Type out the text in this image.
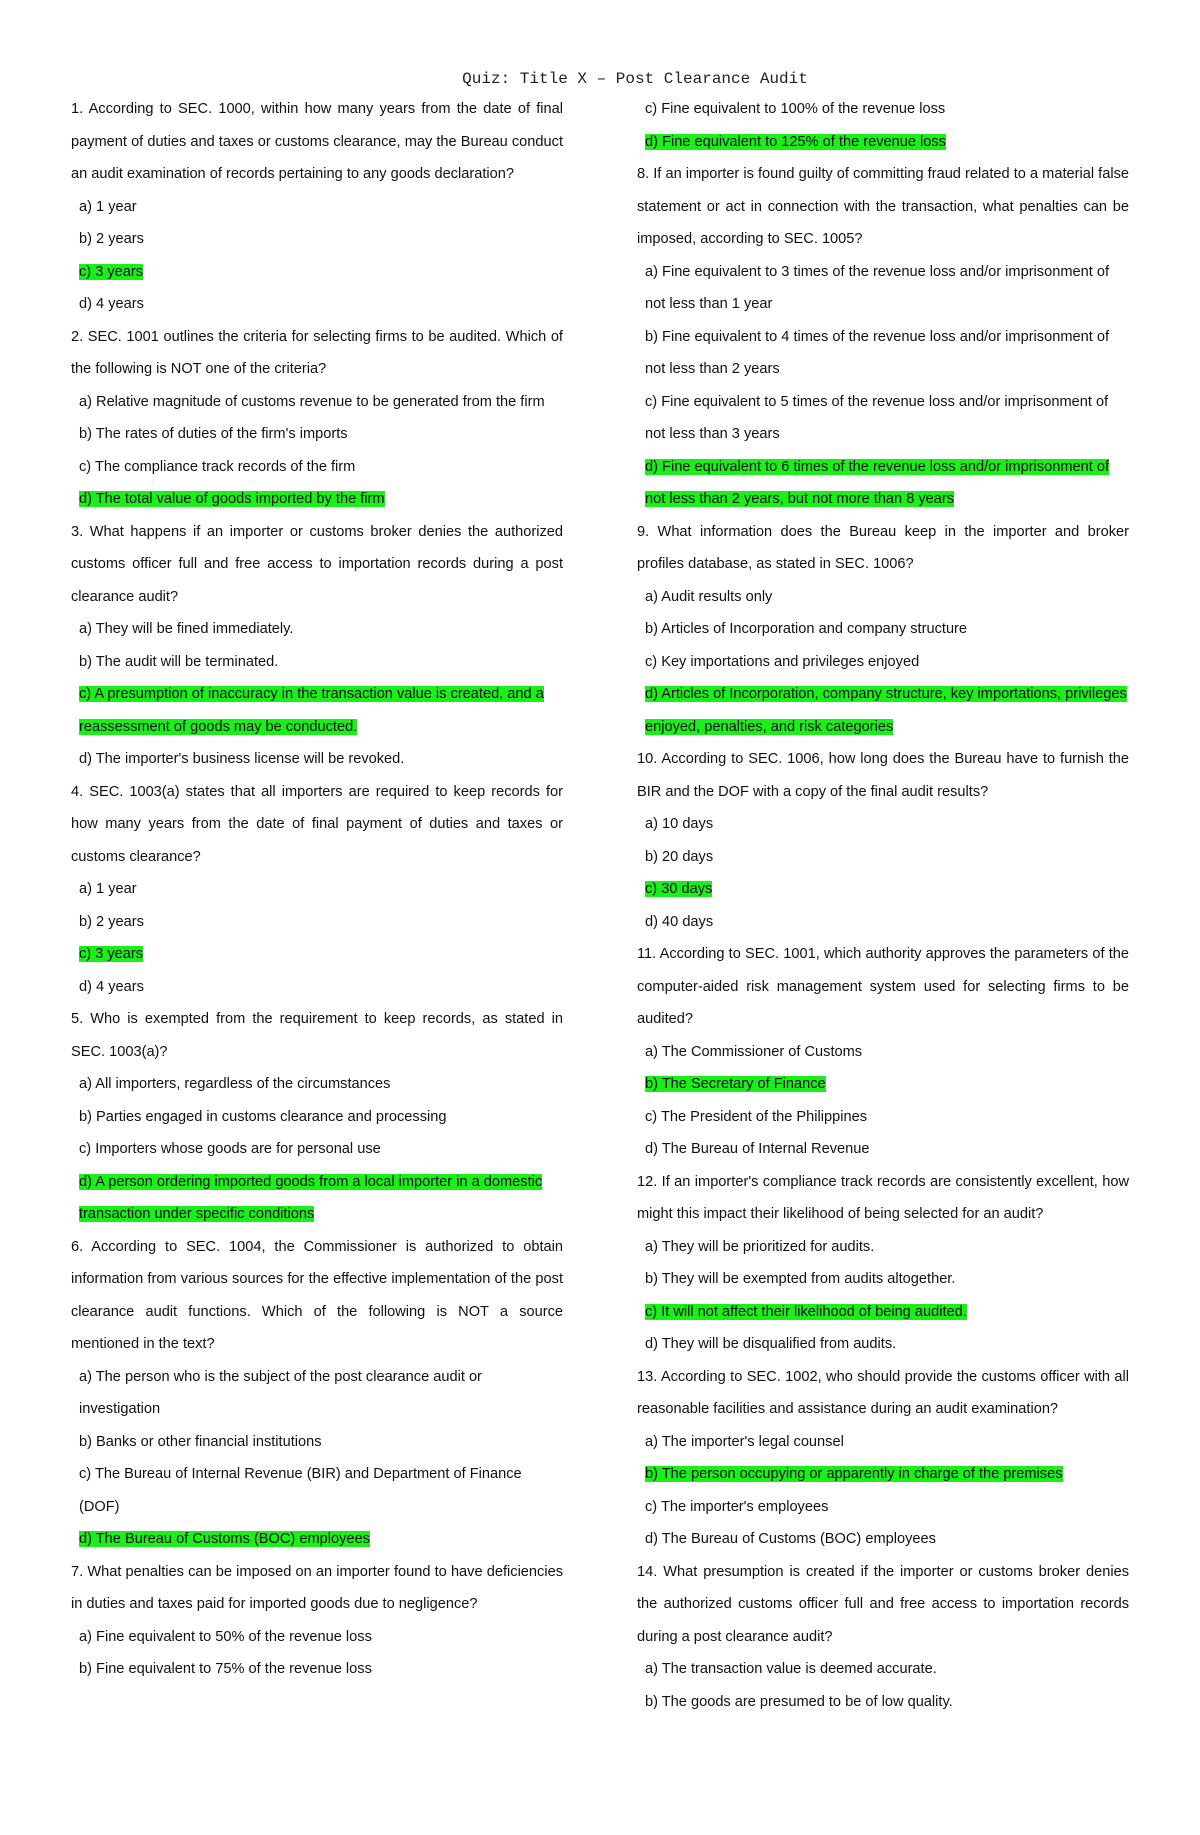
Quiz: Title X – Post Clearance Audit
1. According to SEC. 1000, within how many years from the date of final payment of duties and taxes or customs clearance, may the Bureau conduct an audit examination of records pertaining to any goods declaration?
a) 1 year
b) 2 years
c) 3 years
d) 4 years
2. SEC. 1001 outlines the criteria for selecting firms to be audited. Which of the following is NOT one of the criteria?
a) Relative magnitude of customs revenue to be generated from the firm
b) The rates of duties of the firm's imports
c) The compliance track records of the firm
d) The total value of goods imported by the firm
3. What happens if an importer or customs broker denies the authorized customs officer full and free access to importation records during a post clearance audit?
a) They will be fined immediately.
b) The audit will be terminated.
c) A presumption of inaccuracy in the transaction value is created, and a reassessment of goods may be conducted.
d) The importer's business license will be revoked.
4. SEC. 1003(a) states that all importers are required to keep records for how many years from the date of final payment of duties and taxes or customs clearance?
a) 1 year
b) 2 years
c) 3 years
d) 4 years
5. Who is exempted from the requirement to keep records, as stated in SEC. 1003(a)?
a) All importers, regardless of the circumstances
b) Parties engaged in customs clearance and processing
c) Importers whose goods are for personal use
d) A person ordering imported goods from a local importer in a domestic transaction under specific conditions
6. According to SEC. 1004, the Commissioner is authorized to obtain information from various sources for the effective implementation of the post clearance audit functions. Which of the following is NOT a source mentioned in the text?
a) The person who is the subject of the post clearance audit or investigation
b) Banks or other financial institutions
c) The Bureau of Internal Revenue (BIR) and Department of Finance (DOF)
d) The Bureau of Customs (BOC) employees
7. What penalties can be imposed on an importer found to have deficiencies in duties and taxes paid for imported goods due to negligence?
a) Fine equivalent to 50% of the revenue loss
b) Fine equivalent to 75% of the revenue loss
c) Fine equivalent to 100% of the revenue loss
d) Fine equivalent to 125% of the revenue loss
8. If an importer is found guilty of committing fraud related to a material false statement or act in connection with the transaction, what penalties can be imposed, according to SEC. 1005?
a) Fine equivalent to 3 times of the revenue loss and/or imprisonment of not less than 1 year
b) Fine equivalent to 4 times of the revenue loss and/or imprisonment of not less than 2 years
c) Fine equivalent to 5 times of the revenue loss and/or imprisonment of not less than 3 years
d) Fine equivalent to 6 times of the revenue loss and/or imprisonment of not less than 2 years, but not more than 8 years
9. What information does the Bureau keep in the importer and broker profiles database, as stated in SEC. 1006?
a) Audit results only
b) Articles of Incorporation and company structure
c) Key importations and privileges enjoyed
d) Articles of Incorporation, company structure, key importations, privileges enjoyed, penalties, and risk categories
10. According to SEC. 1006, how long does the Bureau have to furnish the BIR and the DOF with a copy of the final audit results?
a) 10 days
b) 20 days
c) 30 days
d) 40 days
11. According to SEC. 1001, which authority approves the parameters of the computer-aided risk management system used for selecting firms to be audited?
a) The Commissioner of Customs
b) The Secretary of Finance
c) The President of the Philippines
d) The Bureau of Internal Revenue
12. If an importer's compliance track records are consistently excellent, how might this impact their likelihood of being selected for an audit?
a) They will be prioritized for audits.
b) They will be exempted from audits altogether.
c) It will not affect their likelihood of being audited.
d) They will be disqualified from audits.
13. According to SEC. 1002, who should provide the customs officer with all reasonable facilities and assistance during an audit examination?
a) The importer's legal counsel
b) The person occupying or apparently in charge of the premises
c) The importer's employees
d) The Bureau of Customs (BOC) employees
14. What presumption is created if the importer or customs broker denies the authorized customs officer full and free access to importation records during a post clearance audit?
a) The transaction value is deemed accurate.
b) The goods are presumed to be of low quality.
